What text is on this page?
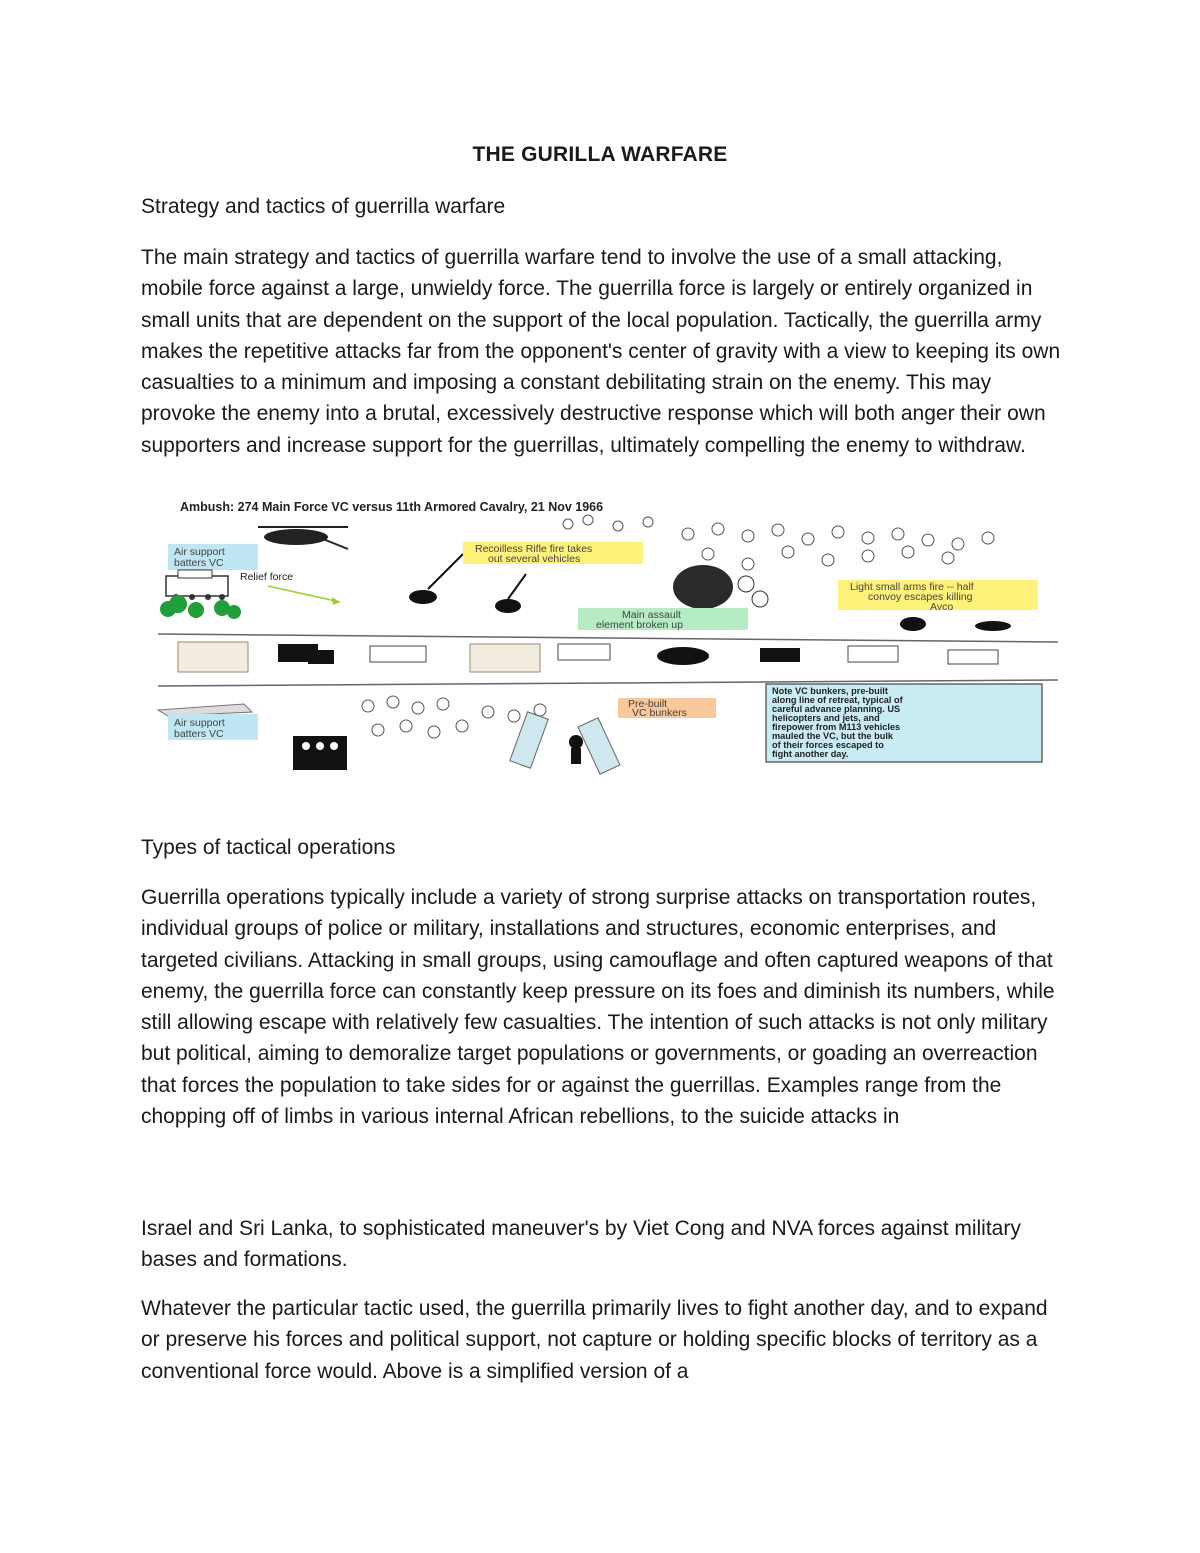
THE GURILLA WARFARE
Strategy and tactics of guerrilla warfare

The main strategy and tactics of guerrilla warfare tend to involve the use of a small attacking, mobile force against a large, unwieldy force. The guerrilla force is largely or entirely organized in small units that are dependent on the support of the local population. Tactically, the guerrilla army makes the repetitive attacks far from the opponent's center of gravity with a view to keeping its own casualties to a minimum and imposing a constant debilitating strain on the enemy. This may provoke the enemy into a brutal, excessively destructive response which will both anger their own supporters and increase support for the guerrillas, ultimately compelling the enemy to withdraw.

Ambush: 274 Main Force VC versus 11th Armored Cavalry, 21 Nov 1966
Air support
batters VC
Relief force
Recoilless Rifle fire takes
out several vehicles
Light small arms fire -- half
convoy escapes killing
Avco
Main assault
element broken up
Air support
batters VC
Pre-built
VC bunkers
Note VC bunkers, pre-built
along line of retreat, typical of
careful advance planning. US
helicopters and jets, and
firepower from M113 vehicles
mauled the VC, but the bulk
of their forces escaped to
fight another day.
Types of tactical operations

Guerrilla operations typically include a variety of strong surprise attacks on transportation routes, individual groups of police or military, installations and structures, economic enterprises, and targeted civilians. Attacking in small groups, using camouflage and often captured weapons of that enemy, the guerrilla force can constantly keep pressure on its foes and diminish its numbers, while still allowing escape with relatively few casualties. The intention of such attacks is not only military but political, aiming to demoralize target populations or governments, or goading an overreaction that forces the population to take sides for or against the guerrillas. Examples range from the chopping off of limbs in various internal African rebellions, to the suicide attacks in

Israel and Sri Lanka, to sophisticated maneuver's by Viet Cong and NVA forces against military bases and formations.

Whatever the particular tactic used, the guerrilla primarily lives to fight another day, and to expand or preserve his forces and political support, not capture or holding specific blocks of territory as a conventional force would. Above is a simplified version of a
